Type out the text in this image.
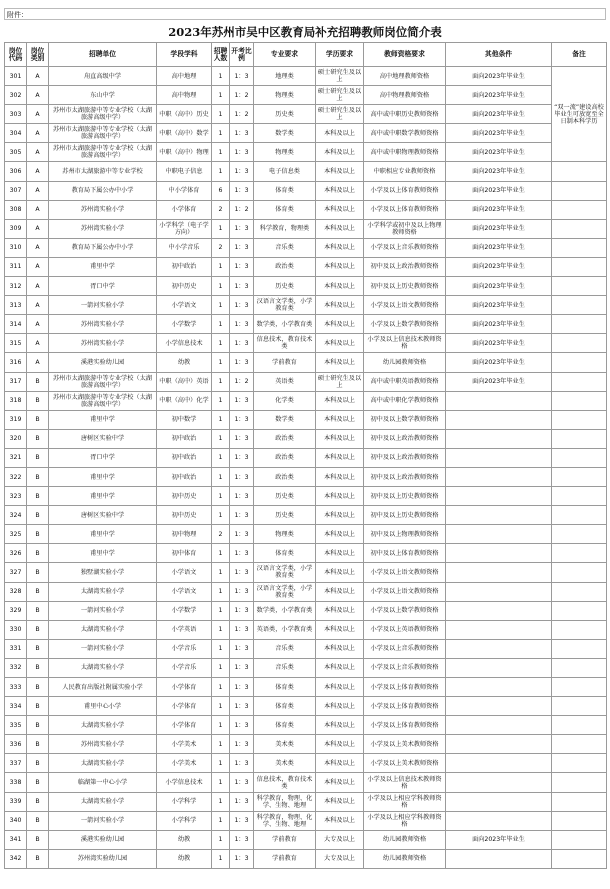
附件：
2023年苏州市吴中区教育局补充招聘教师岗位简介表
岗位代码	岗位类别	招聘单位	学段学科	招聘人数	开考比例	专业要求	学历要求	教师资格要求	其他条件	备注
301	A	甪直高级中学	高中地理	1	1：3	地理类	硕士研究生及以上	高中地理教师资格	面向2023年毕业生	“双一流”建设高校毕业生可放宽至全日制本科学历
302	A	东山中学	高中物理	1	1：2	物理类	硕士研究生及以上	高中物理教师资格	面向2023年毕业生	
303	A	苏州市太湖旅游中等专业学校（太湖旅游高级中学）	中职（高中）历史	1	1：2	历史类	硕士研究生及以上	高中或中职历史教师资格	面向2023年毕业生	
304	A	苏州市太湖旅游中等专业学校（太湖旅游高级中学）	中职（高中）数学	1	1：3	数学类	本科及以上	高中或中职数学教师资格	面向2023年毕业生	
305	A	苏州市太湖旅游中等专业学校（太湖旅游高级中学）	中职（高中）物理	1	1：3	物理类	本科及以上	高中或中职物理教师资格	面向2023年毕业生	
306	A	苏州市太湖旅游中等专业学校	中职电子信息	1	1：3	电子信息类	本科及以上	中职相应专业教师资格	面向2023年毕业生	
307	A	教育局下属公办中小学	中小学体育	6	1：3	体育类	本科及以上	小学及以上体育教师资格	面向2023年毕业生	
308	A	苏州湾实验小学	小学体育	2	1：2	体育类	本科及以上	小学及以上体育教师资格	面向2023年毕业生	
309	A	苏州湾实验小学	小学科学（电子学方向）	1	1：3	科学教育，物理类	本科及以上	小学科学或初中及以上物理教师资格	面向2023年毕业生	
310	A	教育局下属公办中小学	中小学音乐	2	1：3	音乐类	本科及以上	小学及以上音乐教师资格	面向2023年毕业生	
311	A	甫里中学	初中政治	1	1：3	政治类	本科及以上	初中及以上政治教师资格	面向2023年毕业生	
312	A	胥口中学	初中历史	1	1：3	历史类	本科及以上	初中及以上历史教师资格	面向2023年毕业生	
313	A	一箭河实验小学	小学语文	1	1：3	汉语言文学类，小学教育类	本科及以上	小学及以上语文教师资格	面向2023年毕业生	
314	A	苏州湾实验小学	小学数学	1	1：3	数学类，小学教育类	本科及以上	小学及以上数学教师资格	面向2023年毕业生	
315	A	苏州湾实验小学	小学信息技术	1	1：3	信息技术，教育技术类	本科及以上	小学及以上信息技术教师资格	面向2023年毕业生	
316	A	溪港实验幼儿园	幼教	1	1：3	学前教育	本科及以上	幼儿园教师资格	面向2023年毕业生	
317	B	苏州市太湖旅游中等专业学校（太湖旅游高级中学）	中职（高中）英语	1	1：2	英语类	硕士研究生及以上	高中或中职英语教师资格	面向2023年毕业生	
318	B	苏州市太湖旅游中等专业学校（太湖旅游高级中学）	中职（高中）化学	1	1：3	化学类	本科及以上	高中或中职化学教师资格		
319	B	甫里中学	初中数学	1	1：3	数学类	本科及以上	初中及以上数学教师资格		
320	B	唐树区实验中学	初中政治	1	1：3	政治类	本科及以上	初中及以上政治教师资格		
321	B	胥口中学	初中政治	1	1：3	政治类	本科及以上	初中及以上政治教师资格		
322	B	甫里中学	初中政治	1	1：3	政治类	本科及以上	初中及以上政治教师资格		
323	B	甫里中学	初中历史	1	1：3	历史类	本科及以上	初中及以上历史教师资格		
324	B	唐树区实验中学	初中历史	1	1：3	历史类	本科及以上	初中及以上历史教师资格		
325	B	甫里中学	初中物理	2	1：3	物理类	本科及以上	初中及以上物理教师资格		
326	B	甫里中学	初中体育	1	1：3	体育类	本科及以上	初中及以上体育教师资格		
327	B	独墅湖实验小学	小学语文	1	1：3	汉语言文学类，小学教育类	本科及以上	小学及以上语文教师资格		
328	B	太湖湾实验小学	小学语文	1	1：3	汉语言文学类，小学教育类	本科及以上	小学及以上语文教师资格		
329	B	一箭河实验小学	小学数学	1	1：3	数学类，小学教育类	本科及以上	小学及以上数学教师资格		
330	B	太湖湾实验小学	小学英语	1	1：3	英语类，小学教育类	本科及以上	小学及以上英语教师资格		
331	B	一箭河实验小学	小学音乐	1	1：3	音乐类	本科及以上	小学及以上音乐教师资格		
332	B	太湖湾实验小学	小学音乐	1	1：3	音乐类	本科及以上	小学及以上音乐教师资格		
333	B	人民教育出版社附属实验小学	小学体育	1	1：3	体育类	本科及以上	小学及以上体育教师资格		
334	B	甫里中心小学	小学体育	1	1：3	体育类	本科及以上	小学及以上体育教师资格		
335	B	太湖湾实验小学	小学体育	1	1：3	体育类	本科及以上	小学及以上体育教师资格		
336	B	苏州湾实验小学	小学美术	1	1：3	美术类	本科及以上	小学及以上美术教师资格		
337	B	太湖湾实验小学	小学美术	1	1：3	美术类	本科及以上	小学及以上美术教师资格		
338	B	临湖第一中心小学	小学信息技术	1	1：3	信息技术，教育技术类	本科及以上	小学及以上信息技术教师资格		
339	B	太湖湾实验小学	小学科学	1	1：3	科学教育，物理、化学、生物、地理	本科及以上	小学及以上相应学科教师资格		
340	B	一箭河实验小学	小学科学	1	1：3	科学教育，物理、化学、生物、地理	本科及以上	小学及以上相应学科教师资格		
341	B	溪港实验幼儿园	幼教	1	1：3	学前教育	大专及以上	幼儿园教师资格	面向2023年毕业生	
342	B	苏州湾实验幼儿园	幼教	1	1：3	学前教育	大专及以上	幼儿园教师资格		
